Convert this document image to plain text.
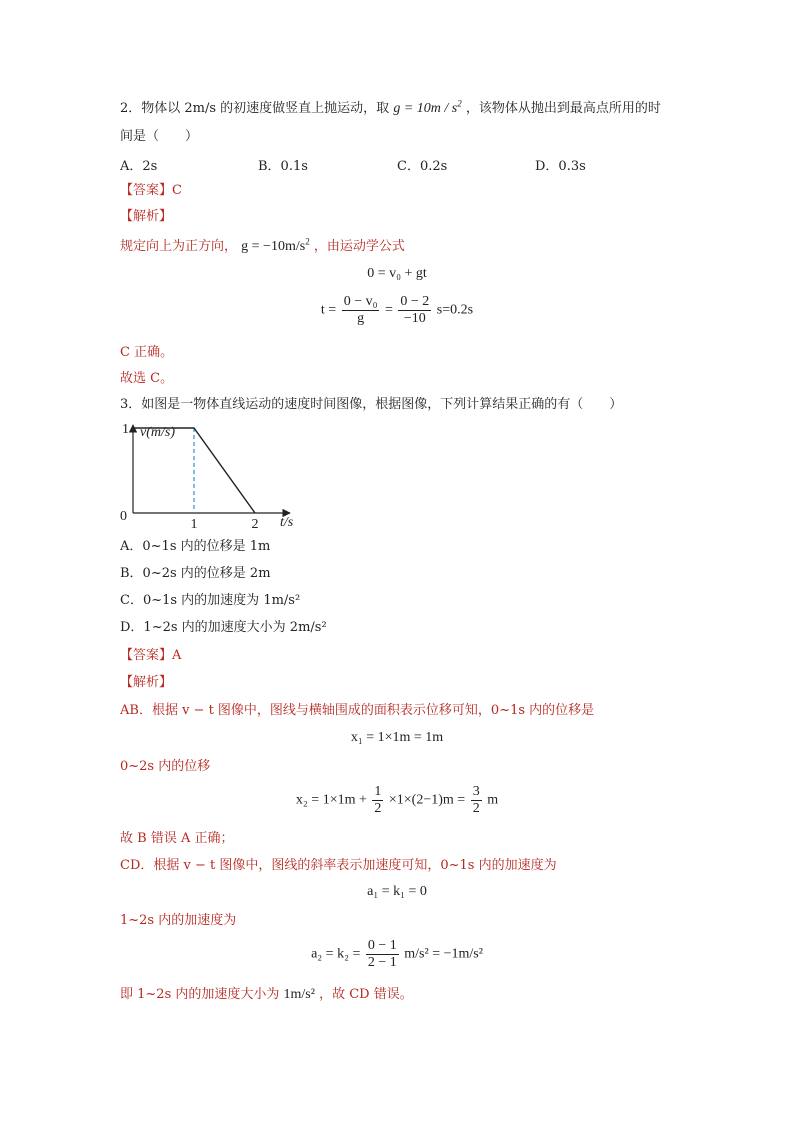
2．物体以 2m/s 的初速度做竖直上抛运动，取 $g = 10m / s^2$ ，该物体从抛出到最高点所用的时
间是（　　）
A．2s	B．0.1s	C．0.2s	D．0.3s
【答案】C
【解析】
规定向上为正方向， $g = -10m/s^2$ ，由运动学公式
0 = v₀ + gt
$t = \frac{\text{0 − v₀}}{g} = \frac{0 - 2}{-10} s=0.2s$
C 正确。
故选 C。
3．如图是一物体直线运动的速度时间图像，根据图像，下列计算结果正确的有（　　）
v(m/s)
t/s
0
1
1	2
A．0~1s 内的位移是 1m
B．0~2s 内的位移是 2m
C．0~1s 内的加速度为 1m/s²
D．1~2s 内的加速度大小为 2m/s²
【答案】A
【解析】
AB．根据 v − t 图像中，图线与横轴围成的面积表示位移可知，0~1s 内的位移是
x₁ = 1×1m = 1m
0~2s 内的位移
$x_2 = 1\times 1m + \frac{1}{2} \times 1\times(2-1)m = \frac{3}{2}$ m
故 B 错误 A 正确；
CD．根据 v − t 图像中，图线的斜率表示加速度可知，0~1s 内的加速度为
a₁ = k₁ = 0
1~2s 内的加速度为
$a_2 = k_2 = \frac{0 - 1}{2 - 1} m/s^2 = -1m/s^2$
即 1~2s 内的加速度大小为 1m/s² ，故 CD 错误。
